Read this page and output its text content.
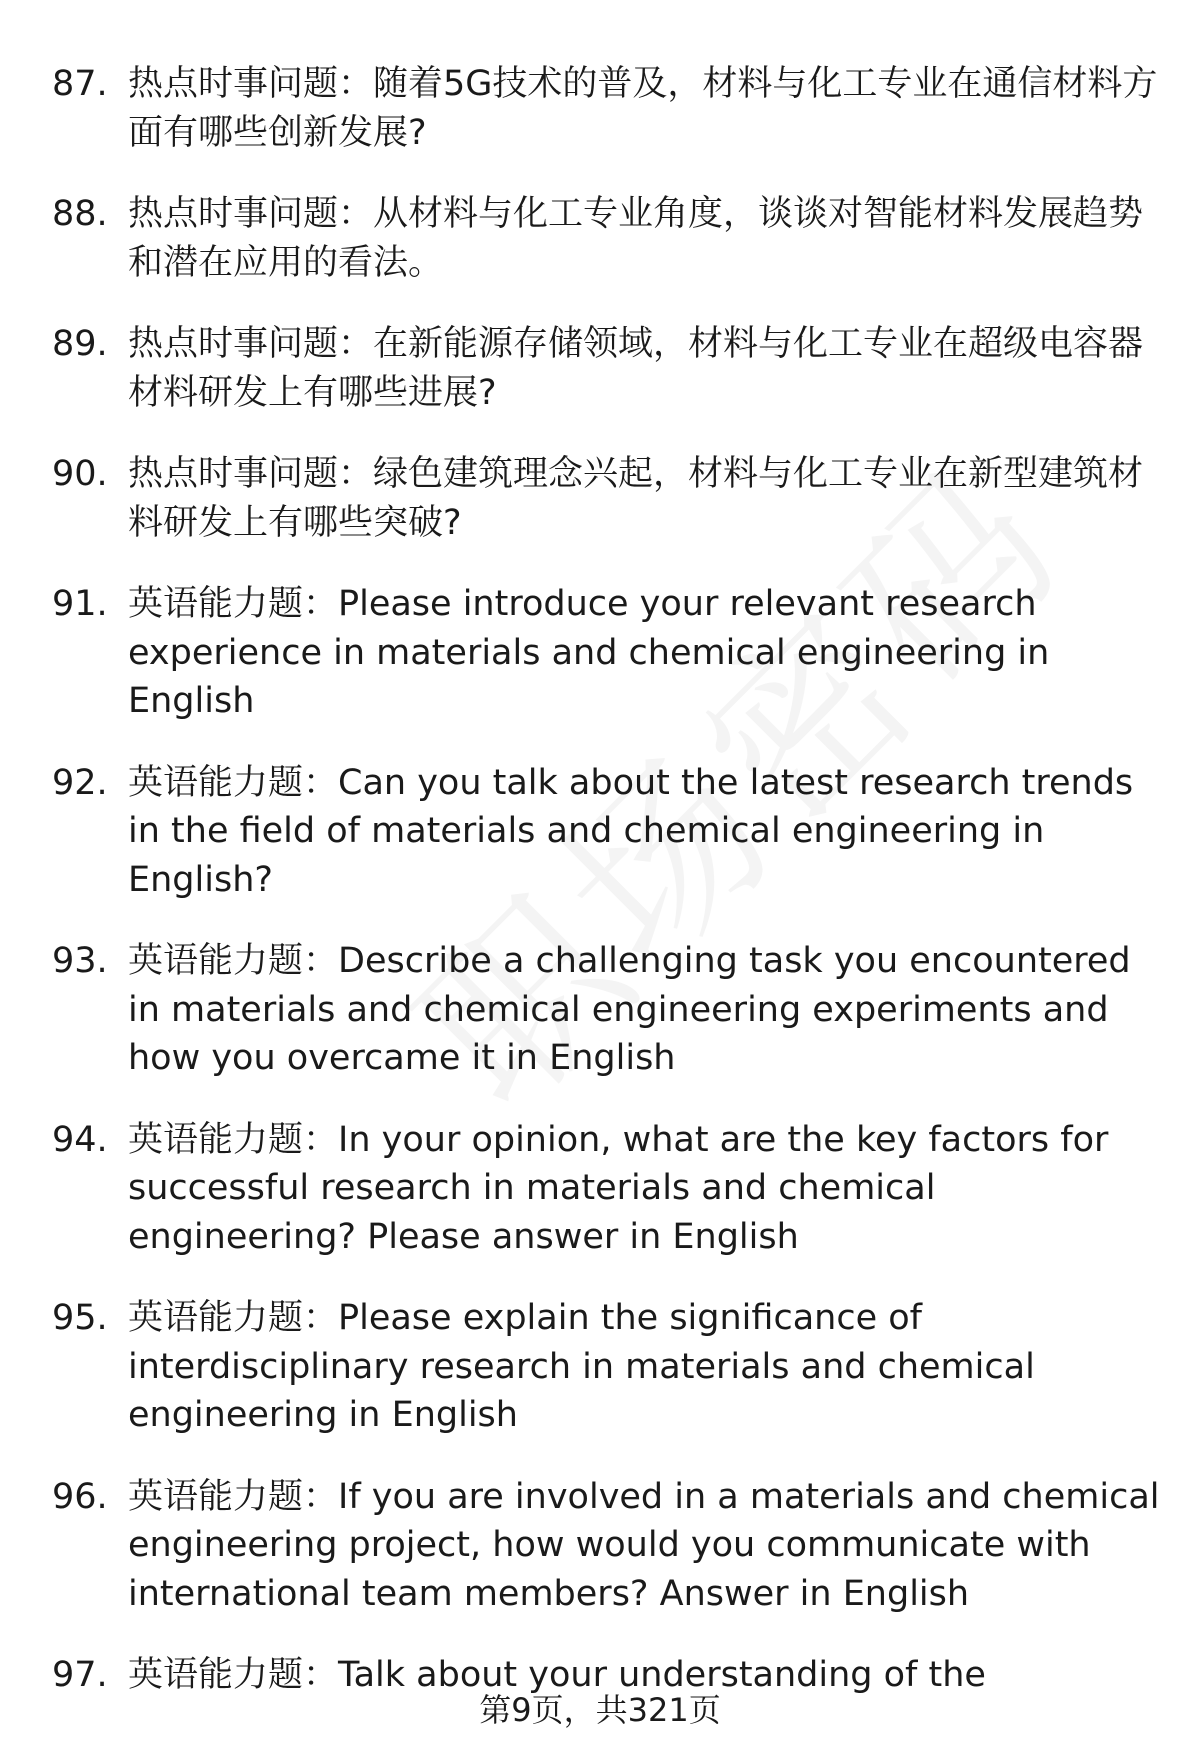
87. 热点时事问题：随着5G技术的普及，材料与化工专业在通信材料方面有哪些创新发展?
88. 热点时事问题：从材料与化工专业角度，谈谈对智能材料发展趋势和潜在应用的看法。
89. 热点时事问题：在新能源存储领域，材料与化工专业在超级电容器材料研发上有哪些进展?
90. 热点时事问题：绿色建筑理念兴起，材料与化工专业在新型建筑材料研发上有哪些突破?
91. 英语能力题：Please introduce your relevant research experience in materials and chemical engineering in English
92. 英语能力题：Can you talk about the latest research trends in the field of materials and chemical engineering in English?
93. 英语能力题：Describe a challenging task you encountered in materials and chemical engineering experiments and how you overcame it in English
94. 英语能力题：In your opinion, what are the key factors for successful research in materials and chemical engineering? Please answer in English
95. 英语能力题：Please explain the significance of interdisciplinary research in materials and chemical engineering in English
96. 英语能力题：If you are involved in a materials and chemical engineering project, how would you communicate with international team members? Answer in English
97. 英语能力题：Talk about your understanding of the
第9页，共321页
